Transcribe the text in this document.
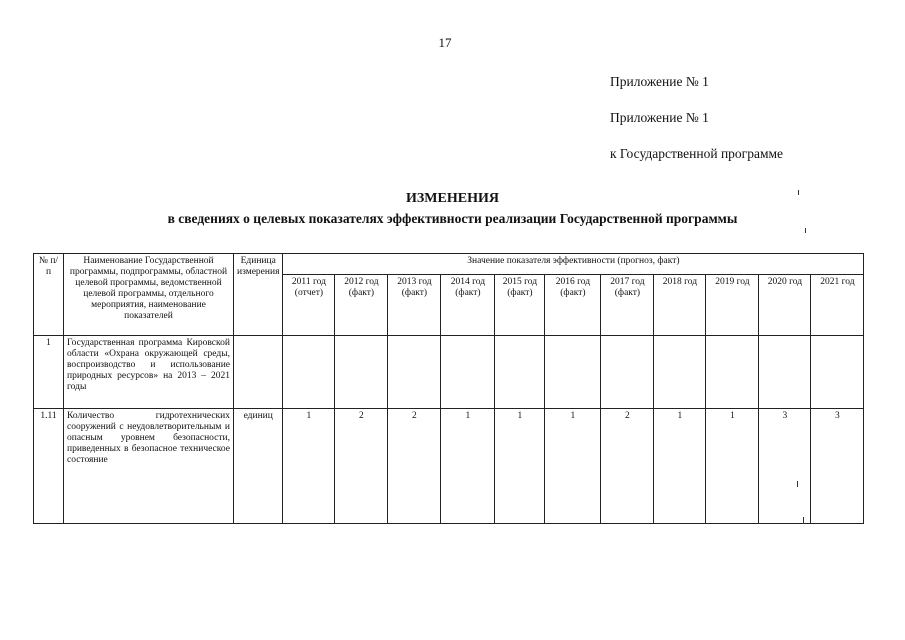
17
Приложение № 1
Приложение № 1
к Государственной программе
ИЗМЕНЕНИЯ
в сведениях о целевых показателях эффективности реализации Государственной программы
№ п/п	Наименование Государственной программы, подпрограммы, областной целевой программы, ведомственной целевой программы, отдельного мероприятия, наименование показателей	Единица измерения	Значение показателя эффективности (прогноз, факт)										
			2011 год (отчет)	2012 год (факт)	2013 год (факт)	2014 год (факт)	2015 год (факт)	2016 год (факт)	2017 год (факт)	2018 год	2019 год	2020 год	2021 год
1	Государственная программа Кировской области «Охрана окружающей среды, воспроизводство и использование природных ресурсов» на 2013 – 2021 годы												
1.11	Количество гидротехнических сооружений с неудовлетворительным и опасным уровнем безопасности, приведенных в безопасное техническое состояние	единиц	1	2	2	1	1	1	2	1	1	3	3
